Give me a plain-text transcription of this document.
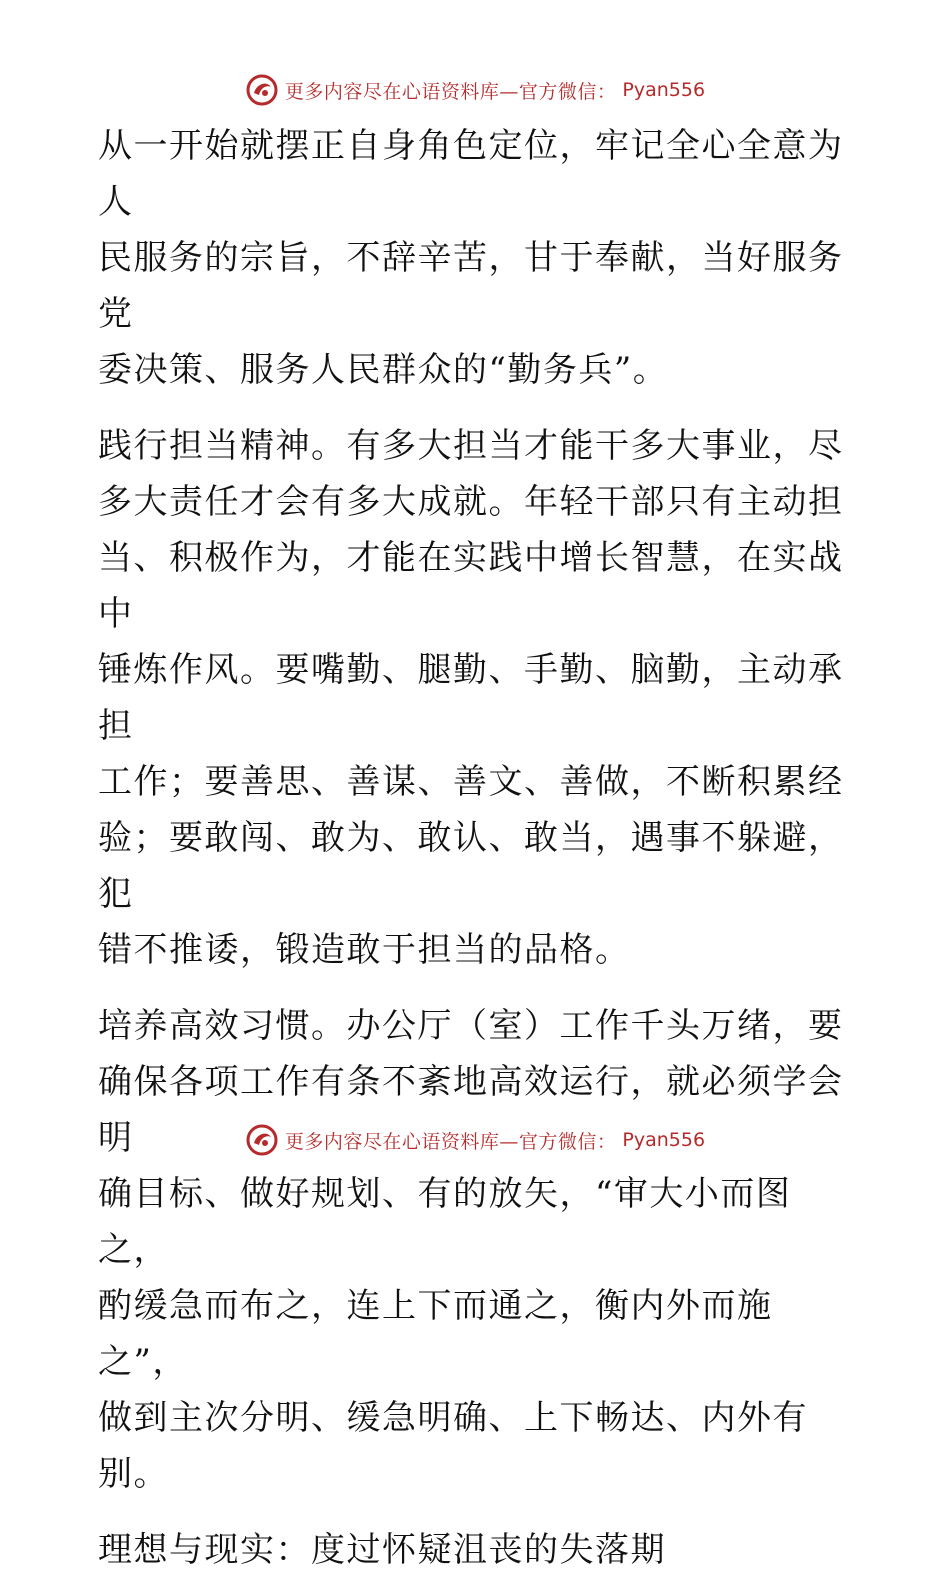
更多内容尽在心语资料库—官方微信： Pyan556

从一开始就摆正自身角色定位，牢记全心全意为人

民服务的宗旨，不辞辛苦，甘于奉献，当好服务党

委决策、服务人民群众的“勤务兵”。

践行担当精神。有多大担当才能干多大事业，尽

多大责任才会有多大成就。年轻干部只有主动担

当、积极作为，才能在实践中增长智慧，在实战中

锤炼作风。要嘴勤、腿勤、手勤、脑勤，主动承担

工作；要善思、善谋、善文、善做，不断积累经

验；要敢闯、敢为、敢认、敢当，遇事不躲避，犯

错不推诿，锻造敢于担当的品格。

培养高效习惯。办公厅（室）工作千头万绪，要

确保各项工作有条不紊地高效运行，就必须学会明

确目标、做好规划、有的放矢，“审大小而图之，

酌缓急而布之，连上下而通之，衡内外而施之”，

做到主次分明、缓急明确、上下畅达、内外有别。

理想与现实：度过怀疑沮丧的失落期

更多内容尽在心语资料库—官方微信： Pyan556
